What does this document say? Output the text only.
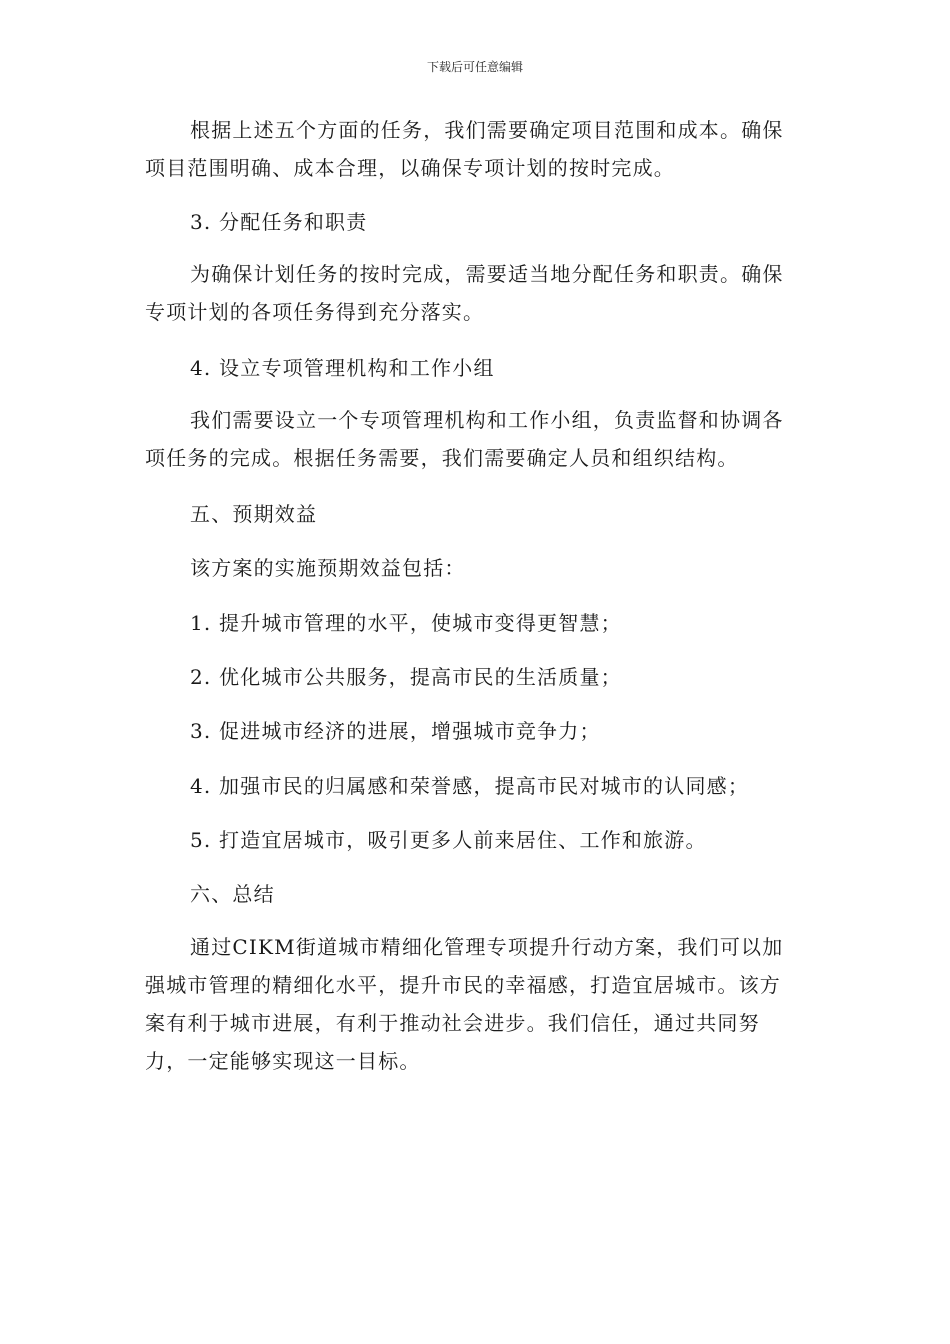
下载后可任意编辑

根据上述五个方面的任务，我们需要确定项目范围和成本。确保项目范围明确、成本合理，以确保专项计划的按时完成。

3. 分配任务和职责

为确保计划任务的按时完成，需要适当地分配任务和职责。确保专项计划的各项任务得到充分落实。

4. 设立专项管理机构和工作小组

我们需要设立一个专项管理机构和工作小组，负责监督和协调各项任务的完成。根据任务需要，我们需要确定人员和组织结构。

五、预期效益

该方案的实施预期效益包括：

1. 提升城市管理的水平，使城市变得更智慧；

2. 优化城市公共服务，提高市民的生活质量；

3. 促进城市经济的进展，增强城市竞争力；

4. 加强市民的归属感和荣誉感，提高市民对城市的认同感；

5. 打造宜居城市，吸引更多人前来居住、工作和旅游。

六、总结

通过CIKM街道城市精细化管理专项提升行动方案，我们可以加强城市管理的精细化水平，提升市民的幸福感，打造宜居城市。该方案有利于城市进展，有利于推动社会进步。我们信任，通过共同努力，一定能够实现这一目标。
